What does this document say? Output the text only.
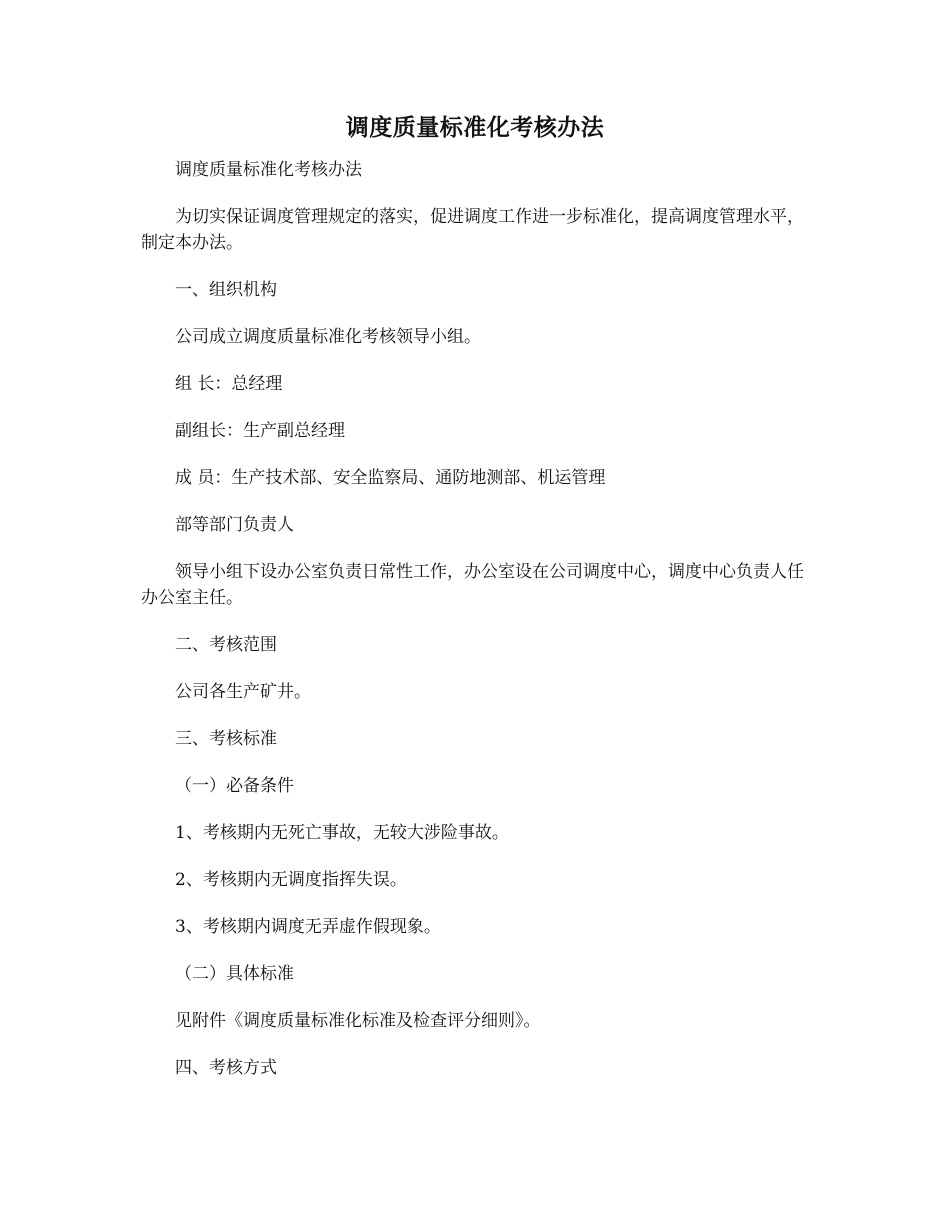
调度质量标准化考核办法

调度质量标准化考核办法

为切实保证调度管理规定的落实，促进调度工作进一步标准化，提高调度管理水平，制定本办法。

一、组织机构

公司成立调度质量标准化考核领导小组。

组 长：总经理

副组长：生产副总经理

成 员：生产技术部、安全监察局、通防地测部、机运管理

部等部门负责人

领导小组下设办公室负责日常性工作，办公室设在公司调度中心，调度中心负责人任办公室主任。

二、考核范围

公司各生产矿井。

三、考核标准

（一）必备条件

1、考核期内无死亡事故，无较大涉险事故。

2、考核期内无调度指挥失误。

3、考核期内调度无弄虚作假现象。

（二）具体标准

见附件《调度质量标准化标准及检查评分细则》。

四、考核方式
